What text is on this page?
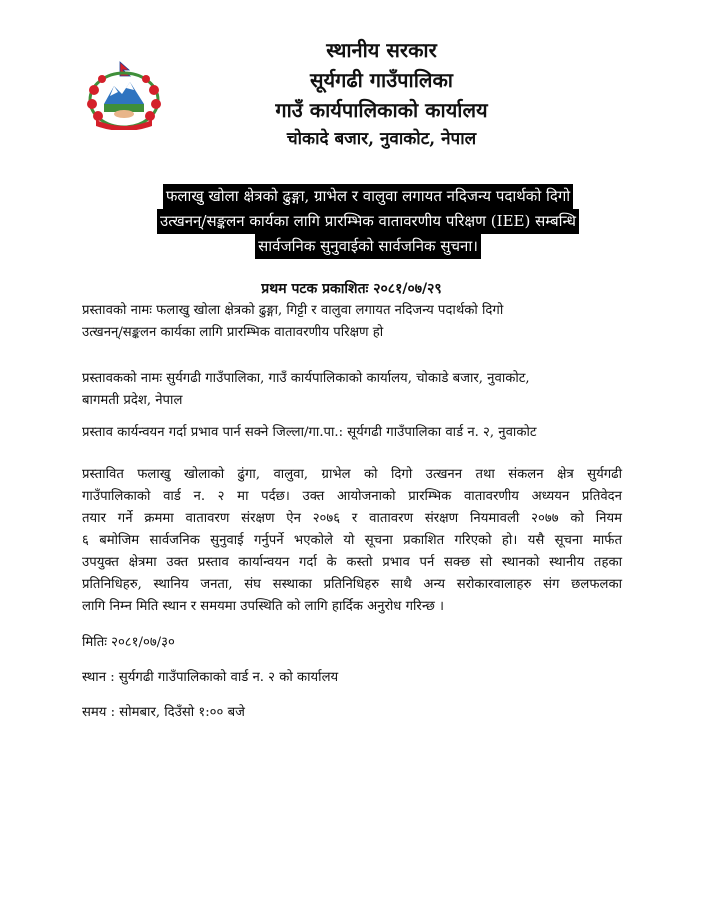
स्थानीय सरकार
सूर्यगढी गाउँपालिका
गाउँ कार्यपालिकाको कार्यालय
चोकादे बजार, नुवाकोट, नेपाल
फलाखु खोला क्षेत्रको ढुङ्गा, ग्राभेल र वालुवा लगायत नदिजन्य पदार्थको दिगो
उत्खनन्/सङ्कलन कार्यका लागि प्रारम्भिक वातावरणीय परिक्षण (IEE) सम्बन्धि
सार्वजनिक सुनुवाईको सार्वजनिक सुचना।
प्रथम पटक प्रकाशितः २०८१/०७/२९
प्रस्तावको नामः फलाखु खोला क्षेत्रको ढुङ्गा, गिट्टी र वालुवा लगायत नदिजन्य पदार्थको दिगो
उत्खनन्/सङ्कलन कार्यका लागि प्रारम्भिक वातावरणीय परिक्षण हो
प्रस्तावकको नामः सुर्यगढी गाउँपालिका, गाउँ कार्यपालिकाको कार्यालय, चोकाडे बजार, नुवाकोट,
बागमती प्रदेश, नेपाल
प्रस्ताव कार्यन्वयन गर्दा प्रभाव पार्न सक्ने जिल्ला/गा.पा.: सूर्यगढी गाउँपालिका वार्ड न. २, नुवाकोट
प्रस्तावित फलाखु खोलाको ढुंगा, वालुवा, ग्राभेल को दिगो उत्खनन तथा संकलन क्षेत्र सुर्यगढी
गाउँपालिकाको वार्ड न. २ मा पर्दछ। उक्त आयोजनाको प्रारम्भिक वातावरणीय अध्ययन प्रतिवेदन
तयार गर्ने क्रममा वातावरण संरक्षण ऐन २०७६ र वातावरण संरक्षण नियमावली २०७७ को नियम
६ बमोजिम सार्वजनिक सुनुवाई गर्नुपर्ने भएकोले यो सूचना प्रकाशित गरिएको हो। यसै सूचना मार्फत
उपयुक्त क्षेत्रमा उक्त प्रस्ताव कार्यान्वयन गर्दा के कस्तो प्रभाव पर्न सक्छ सो स्थानको स्थानीय तहका
प्रतिनिधिहरु, स्थानिय जनता, संघ सस्थाका प्रतिनिधिहरु साथै अन्य सरोकारवालाहरु संग छलफलका
लागि निम्न मिति स्थान र समयमा उपस्थिति को लागि हार्दिक अनुरोध गरिन्छ ।
मितिः २०८१/०७/३०
स्थान : सुर्यगढी गाउँपालिकाको वार्ड न. २ को कार्यालय
समय : सोमबार, दिउँसो १:०० बजे
